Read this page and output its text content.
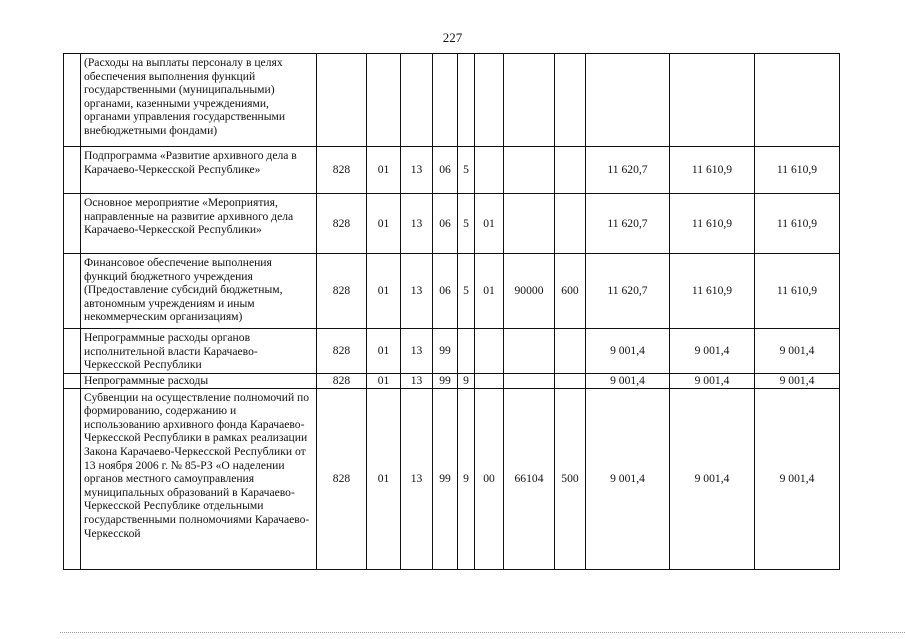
227
	(Расходы на выплаты персоналу в целях обеспечения выполнения функций государственными (муниципальными) органами, казенными учреждениями, органами управления государственными внебюджетными фондами)											
	Подпрограмма «Развитие архивного дела в Карачаево-Черкесской Республике»	828	01	13	06	5				11 620,7	11 610,9	11 610,9
	Основное мероприятие «Мероприятия, направленные на развитие архивного дела Карачаево-Черкесской Республики»	828	01	13	06	5	01			11 620,7	11 610,9	11 610,9
	Финансовое обеспечение выполнения функций бюджетного учреждения (Предоставление субсидий бюджетным, автономным учреждениям и иным некоммерческим организациям)	828	01	13	06	5	01	90000	600	11 620,7	11 610,9	11 610,9
	Непрограммные расходы органов исполнительной власти Карачаево-Черкесской Республики	828	01	13	99					9 001,4	9 001,4	9 001,4
	Непрограммные расходы	828	01	13	99	9				9 001,4	9 001,4	9 001,4
	Субвенции на осуществление полномочий по формированию, содержанию и использованию архивного фонда Карачаево-Черкесской Республики в рамках реализации Закона Карачаево-Черкесской Республики от 13 ноября 2006 г. № 85-РЗ «О наделении органов местного самоуправления муниципальных образований в Карачаево-Черкесской Республике отдельными государственными полномочиями Карачаево-Черкесской	828	01	13	99	9	00	66104	500	9 001,4	9 001,4	9 001,4
